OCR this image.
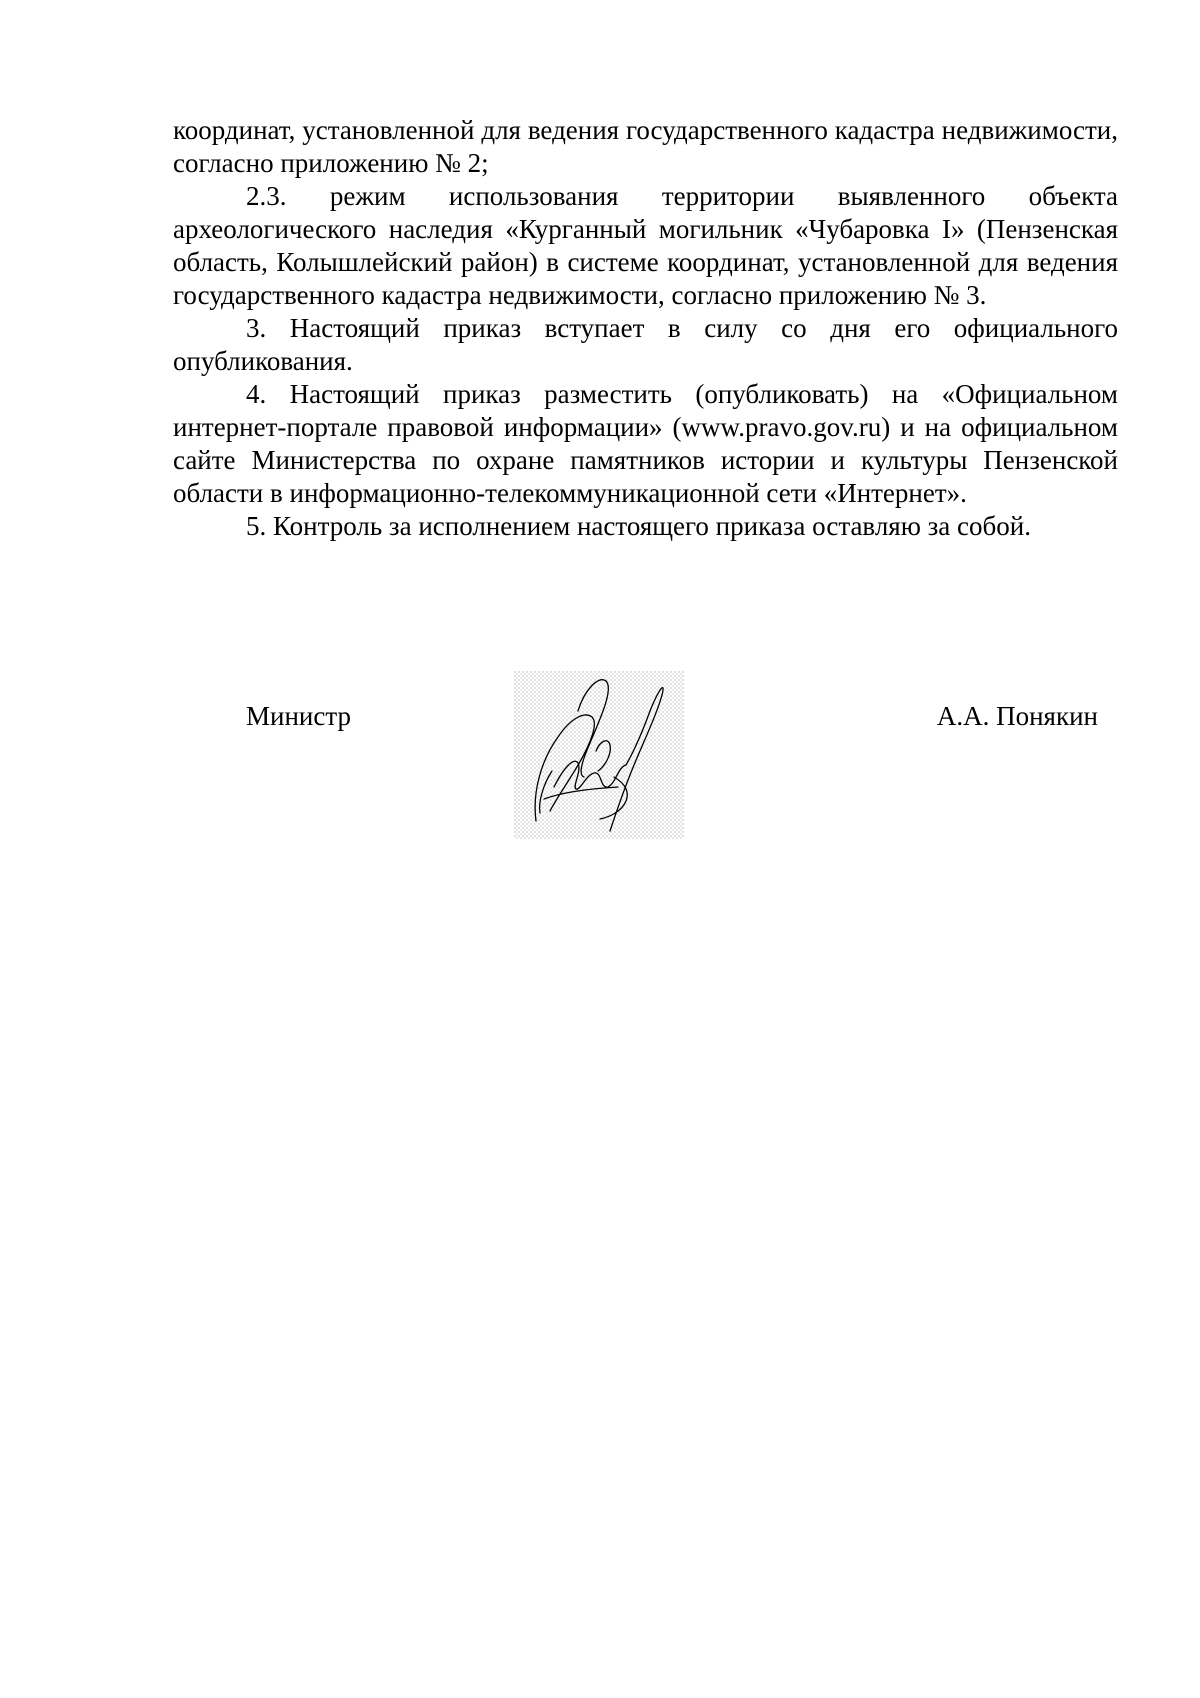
координат, установленной для ведения государственного кадастра недвижимости, согласно приложению № 2;

2.3. режим использования территории выявленного объекта археологического наследия «Курганный могильник «Чубаровка I» (Пензенская область, Колышлейский район) в системе координат, установленной для ведения государственного кадастра недвижимости, согласно приложению № 3.

3. Настоящий приказ вступает в силу со дня его официального опубликования.

4. Настоящий приказ разместить (опубликовать) на «Официальном интернет-портале правовой информации» (www.pravo.gov.ru) и на официальном сайте Министерства по охране памятников истории и культуры Пензенской области в информационно-телекоммуникационной сети «Интернет».

5. Контроль за исполнением настоящего приказа оставляю за собой.

Министр	А.А. Понякин
